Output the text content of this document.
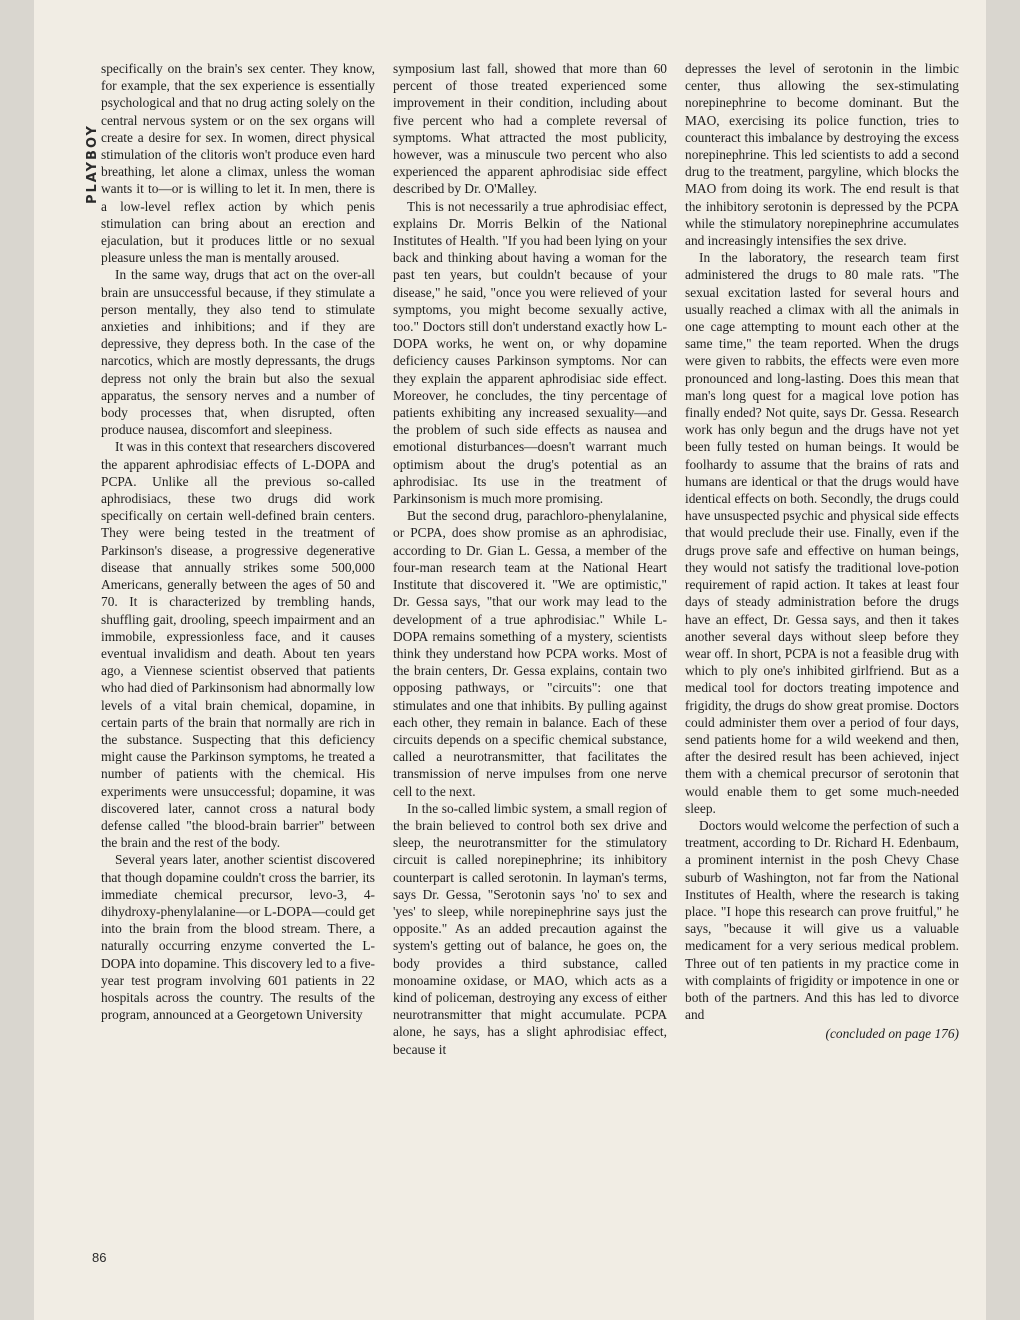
PLAYBOY
86

specifically on the brain's sex center. They know, for example, that the sex experience is essentially psychological and that no drug acting solely on the central nervous system or on the sex organs will create a desire for sex. In women, direct physical stimulation of the clitoris won't produce even hard breathing, let alone a climax, unless the woman wants it to—or is willing to let it. In men, there is a low-level reflex action by which penis stimulation can bring about an erection and ejaculation, but it produces little or no sexual pleasure unless the man is mentally aroused.

In the same way, drugs that act on the over-all brain are unsuccessful because, if they stimulate a person mentally, they also tend to stimulate anxieties and inhibitions; and if they are depressive, they depress both. In the case of the narcotics, which are mostly depressants, the drugs depress not only the brain but also the sexual apparatus, the sensory nerves and a number of body processes that, when disrupted, often produce nausea, discomfort and sleepiness.

It was in this context that researchers discovered the apparent aphrodisiac effects of L-DOPA and PCPA. Unlike all the previous so-called aphrodisiacs, these two drugs did work specifically on certain well-defined brain centers. They were being tested in the treatment of Parkinson's disease, a progressive degenerative disease that annually strikes some 500,000 Americans, generally between the ages of 50 and 70. It is characterized by trembling hands, shuffling gait, drooling, speech impairment and an immobile, expressionless face, and it causes eventual invalidism and death. About ten years ago, a Viennese scientist observed that patients who had died of Parkinsonism had abnormally low levels of a vital brain chemical, dopamine, in certain parts of the brain that normally are rich in the substance. Suspecting that this deficiency might cause the Parkinson symptoms, he treated a number of patients with the chemical. His experiments were unsuccessful; dopamine, it was discovered later, cannot cross a natural body defense called "the blood-brain barrier" between the brain and the rest of the body.

Several years later, another scientist discovered that though dopamine couldn't cross the barrier, its immediate chemical precursor, levo-3, 4-dihydroxy-phenylalanine—or L-DOPA—could get into the brain from the blood stream. There, a naturally occurring enzyme converted the L-DOPA into dopamine. This discovery led to a five-year test program involving 601 patients in 22 hospitals across the country. The results of the program, announced at a Georgetown University

symposium last fall, showed that more than 60 percent of those treated experienced some improvement in their condition, including about five percent who had a complete reversal of symptoms. What attracted the most publicity, however, was a minuscule two percent who also experienced the apparent aphrodisiac side effect described by Dr. O'Malley.

This is not necessarily a true aphrodisiac effect, explains Dr. Morris Belkin of the National Institutes of Health. "If you had been lying on your back and thinking about having a woman for the past ten years, but couldn't because of your disease," he said, "once you were relieved of your symptoms, you might become sexually active, too." Doctors still don't understand exactly how L-DOPA works, he went on, or why dopamine deficiency causes Parkinson symptoms. Nor can they explain the apparent aphrodisiac side effect. Moreover, he concludes, the tiny percentage of patients exhibiting any increased sexuality—and the problem of such side effects as nausea and emotional disturbances—doesn't warrant much optimism about the drug's potential as an aphrodisiac. Its use in the treatment of Parkinsonism is much more promising.

But the second drug, parachloro-phenylalanine, or PCPA, does show promise as an aphrodisiac, according to Dr. Gian L. Gessa, a member of the four-man research team at the National Heart Institute that discovered it. "We are optimistic," Dr. Gessa says, "that our work may lead to the development of a true aphrodisiac." While L-DOPA remains something of a mystery, scientists think they understand how PCPA works. Most of the brain centers, Dr. Gessa explains, contain two opposing pathways, or "circuits": one that stimulates and one that inhibits. By pulling against each other, they remain in balance. Each of these circuits depends on a specific chemical substance, called a neurotransmitter, that facilitates the transmission of nerve impulses from one nerve cell to the next.

In the so-called limbic system, a small region of the brain believed to control both sex drive and sleep, the neurotransmitter for the stimulatory circuit is called norepinephrine; its inhibitory counterpart is called serotonin. In layman's terms, says Dr. Gessa, "Serotonin says 'no' to sex and 'yes' to sleep, while norepinephrine says just the opposite." As an added precaution against the system's getting out of balance, he goes on, the body provides a third substance, called monoamine oxidase, or MAO, which acts as a kind of policeman, destroying any excess of either neurotransmitter that might accumulate. PCPA alone, he says, has a slight aphrodisiac effect, because it

depresses the level of serotonin in the limbic center, thus allowing the sex-stimulating norepinephrine to become dominant. But the MAO, exercising its police function, tries to counteract this imbalance by destroying the excess norepinephrine. This led scientists to add a second drug to the treatment, pargyline, which blocks the MAO from doing its work. The end result is that the inhibitory serotonin is depressed by the PCPA while the stimulatory norepinephrine accumulates and increasingly intensifies the sex drive.

In the laboratory, the research team first administered the drugs to 80 male rats. "The sexual excitation lasted for several hours and usually reached a climax with all the animals in one cage attempting to mount each other at the same time," the team reported. When the drugs were given to rabbits, the effects were even more pronounced and long-lasting. Does this mean that man's long quest for a magical love potion has finally ended? Not quite, says Dr. Gessa. Research work has only begun and the drugs have not yet been fully tested on human beings. It would be foolhardy to assume that the brains of rats and humans are identical or that the drugs would have identical effects on both. Secondly, the drugs could have unsuspected psychic and physical side effects that would preclude their use. Finally, even if the drugs prove safe and effective on human beings, they would not satisfy the traditional love-potion requirement of rapid action. It takes at least four days of steady administration before the drugs have an effect, Dr. Gessa says, and then it takes another several days without sleep before they wear off. In short, PCPA is not a feasible drug with which to ply one's inhibited girlfriend. But as a medical tool for doctors treating impotence and frigidity, the drugs do show great promise. Doctors could administer them over a period of four days, send patients home for a wild weekend and then, after the desired result has been achieved, inject them with a chemical precursor of serotonin that would enable them to get some much-needed sleep.

Doctors would welcome the perfection of such a treatment, according to Dr. Richard H. Edenbaum, a prominent internist in the posh Chevy Chase suburb of Washington, not far from the National Institutes of Health, where the research is taking place. "I hope this research can prove fruitful," he says, "because it will give us a valuable medicament for a very serious medical problem. Three out of ten patients in my practice come in with complaints of frigidity or impotence in one or both of the partners. And this has led to divorce and

(concluded on page 176)
